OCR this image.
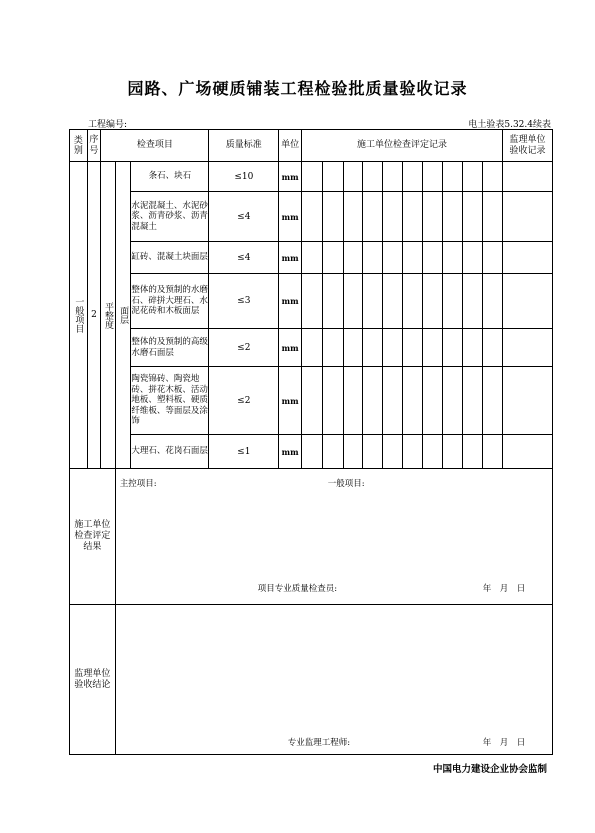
园路、广场硬质铺装工程检验批质量验收记录
工程编号:	电土验表5.32.4续表
类别	序号	检查项目			质量标准	单位	施工单位检查评定记录										监理单位验收记录

一般项目	2	平整度	面层	条石、块石	≤10	mm											
				水泥混凝土、水泥砂浆、沥青砂浆、沥青混凝土	≤4	mm											
				缸砖、混凝土块面层	≤4	mm											
				整体的及预制的水磨石、碎拼大理石、水泥花砖和木板面层	≤3	mm											
				整体的及预制的高级水磨石面层	≤2	mm											
				陶瓷锦砖、陶瓷地砖、拼花木板、活动地板、塑料板、硬质纤维板、等面层及涂饰	≤2	mm											
				大理石、花岗石面层	≤1	mm											
施工单位检查评定结果			主控项目: 一般项目:
项目专业质量检查员: 年　月　日														

监理单位验收结论			专业监理工程师: 年　月　日														
中国电力建设企业协会监制
